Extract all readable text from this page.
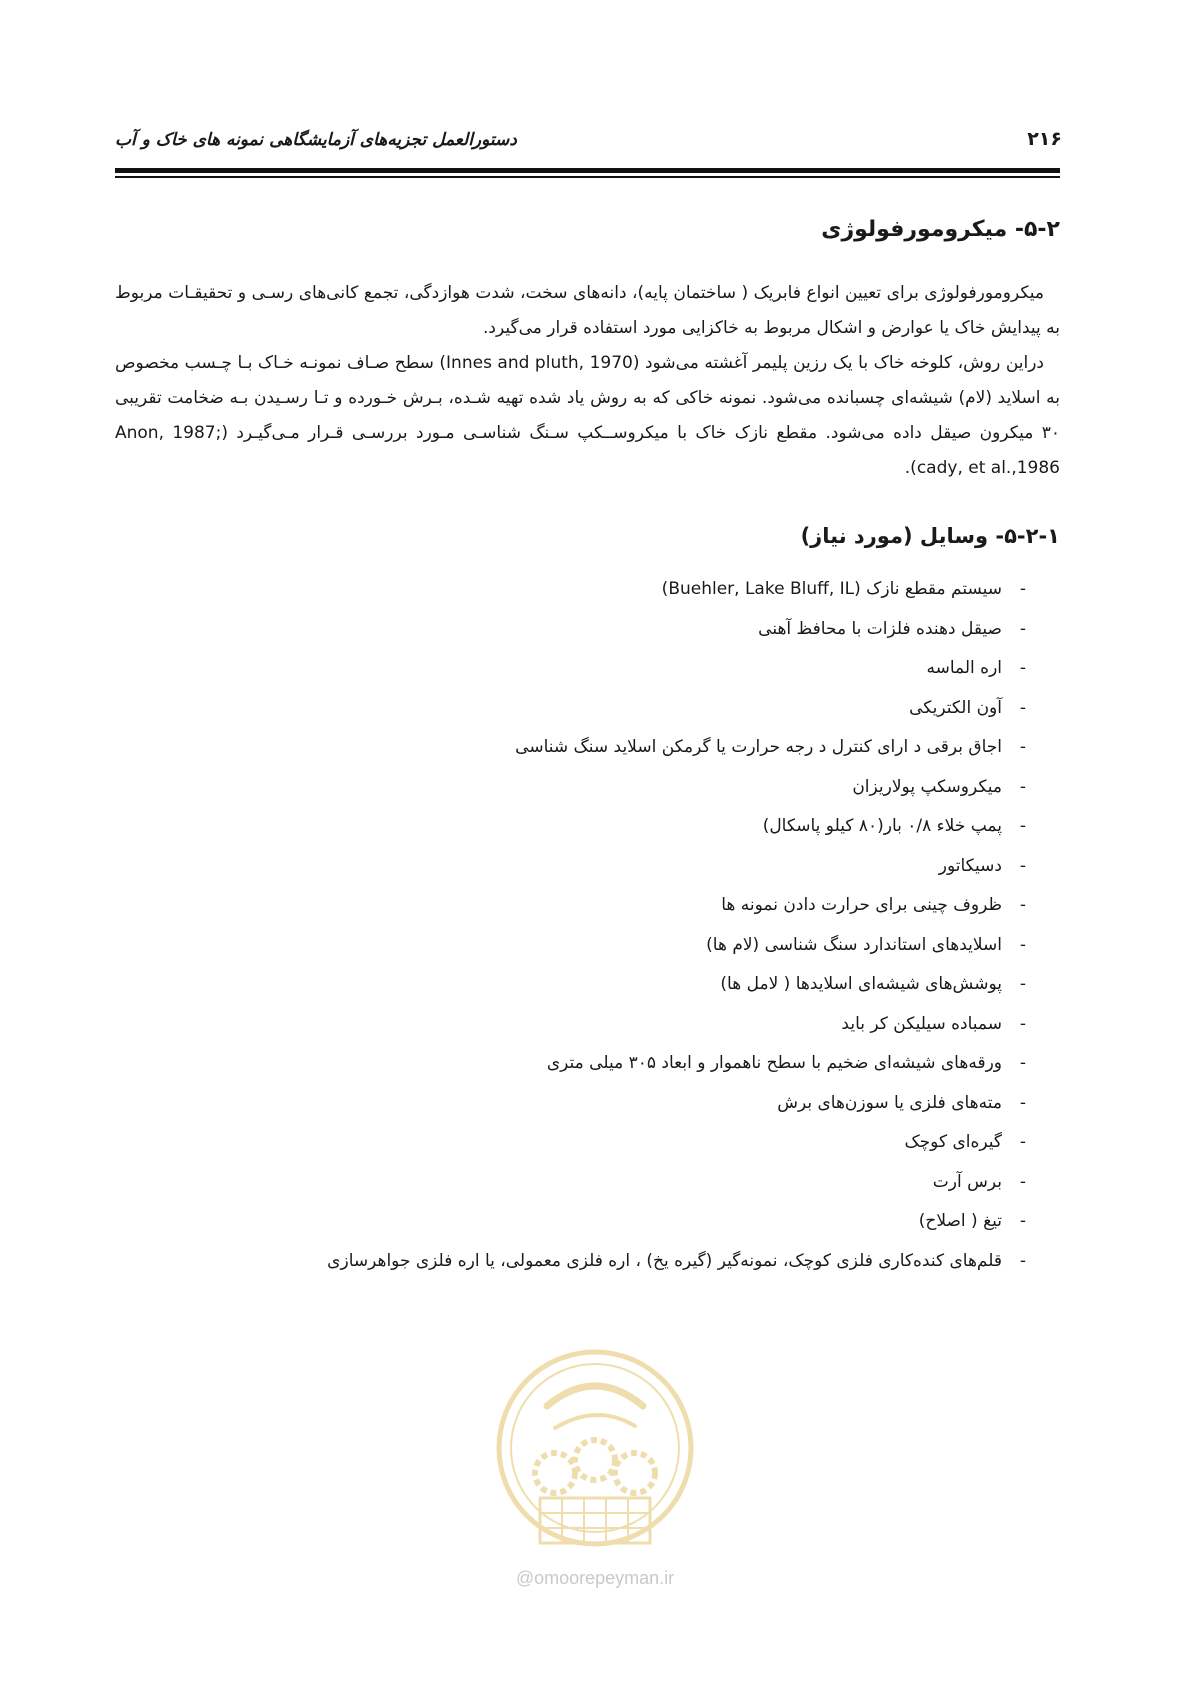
۲۱۶
دستورالعمل تجزیه‌های آزمایشگاهی نمونه های خاک و آب
۵-۲- میکرومورفولوژی

میکرومورفولوژی برای تعیین انواع فابریک ( ساختمان پایه)، دانه‌های سخت، شدت هوازدگی، تجمع کانی‌های رسـی و تحقیقـات مربوط به پیدایش خاک یا عوارض و اشکال مربوط به خاکزایی مورد استفاده قرار می‌گیرد.

دراین روش، کلوخه خاک با یک رزین پلیمر آغشته می‌شود (Innes and pluth, 1970) سطح صـاف نمونـه خـاک بـا چـسب مخصوص به اسلاید (لام) شیشه‌ای چسبانده می‌شود. نمونه خاکی که به روش یاد شده تهیه شـده، بـرش خـورده و تـا رسـیدن بـه ضخامت تقریبی ۳۰ میکرون صیقل داده می‌شود. مقطع نازک خاک با میکروســکپ سـنگ شناسـی مـورد بررسـی قـرار مـی‌گیـرد (Anon, 1987; cady, et al.,1986).

۵-۲-۱- وسایل (مورد نیاز)
-
سیستم مقطع نازک (Buehler, Lake Bluff, IL)
-
صیقل دهنده فلزات با محافظ آهنی
-
اره الماسه
-
آون الکتریکی
-
اجاق برقی د ارای کنترل د رجه حرارت یا گرمکن اسلاید سنگ شناسی
-
میکروسکپ پولاریزان
-
پمپ خلاء ۰/۸ بار(۸۰ کیلو پاسکال)
-
دسیکاتور
-
ظروف چینی برای حرارت دادن نمونه ها
-
اسلایدهای استاندارد سنگ شناسی (لام ها)
-
پوشش‌های شیشه‌ای اسلایدها ( لامل ها)
-
سمباده سیلیکن کر باید
-
ورقه‌های شیشه‌ای ضخیم با سطح ناهموار و ابعاد ۳۰۵ میلی متری
-
مته‌های فلزی یا سوزن‌های برش
-
گیره‌ای کوچک
-
برس آرت
-
تیغ ( اصلاح)
-
قلم‌های کنده‌کاری فلزی کوچک، نمونه‌گیر (گیره یخ) ، اره فلزی معمولی، یا اره فلزی جواهرسازی
@omoorepeyman.ir
